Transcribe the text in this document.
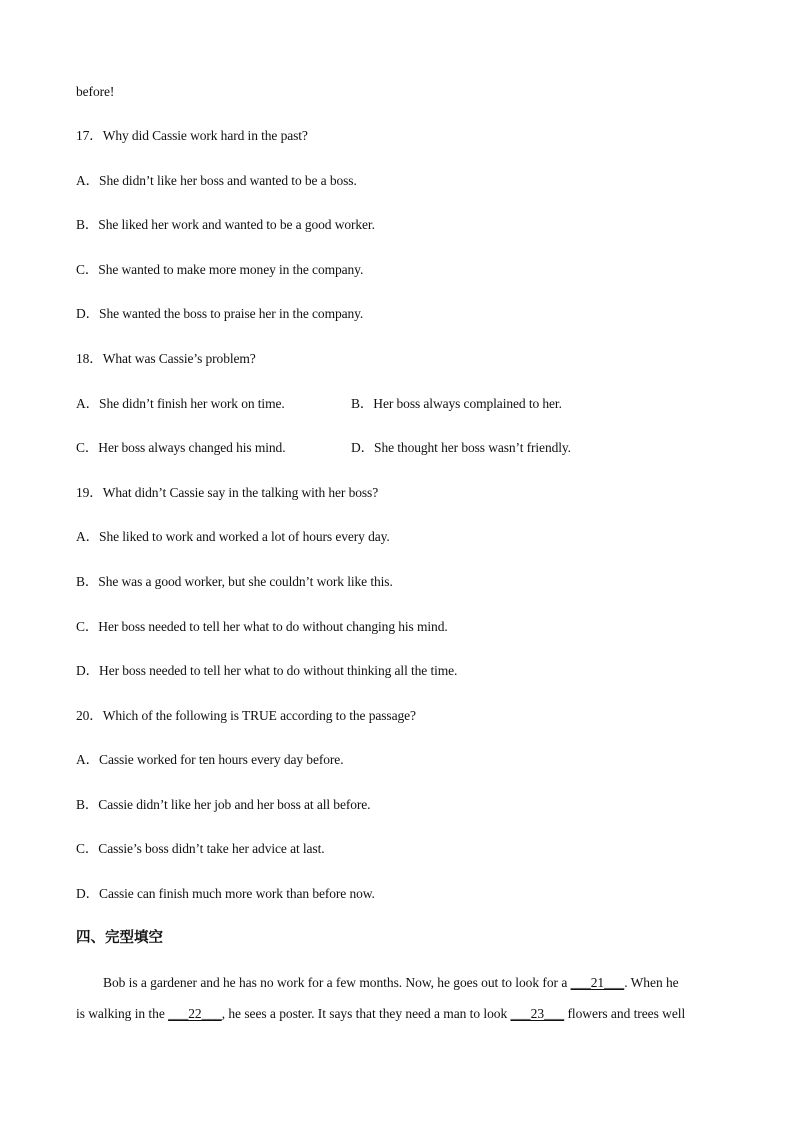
before!
17．Why did Cassie work hard in the past?
A．She didn’t like her boss and wanted to be a boss.
B．She liked her work and wanted to be a good worker.
C．She wanted to make more money in the company.
D．She wanted the boss to praise her in the company.
18．What was Cassie’s problem?
A．She didn’t finish her work on time.	B．Her boss always complained to her.
C．Her boss always changed his mind.	D．She thought her boss wasn’t friendly.
19．What didn’t Cassie say in the talking with her boss?
A．She liked to work and worked a lot of hours every day.
B．She was a good worker, but she couldn’t work like this.
C．Her boss needed to tell her what to do without changing his mind.
D．Her boss needed to tell her what to do without thinking all the time.
20．Which of the following is TRUE according to the passage?
A．Cassie worked for ten hours every day before.
B．Cassie didn’t like her job and her boss at all before.
C．Cassie’s boss didn’t take her advice at last.
D．Cassie can finish much more work than before now.
四、完型填空
Bob is a gardener and he has no work for a few months. Now, he goes out to look for a ___21___. When he
is walking in the ___22___, he sees a poster. It says that they need a man to look ___23___ flowers and trees well
